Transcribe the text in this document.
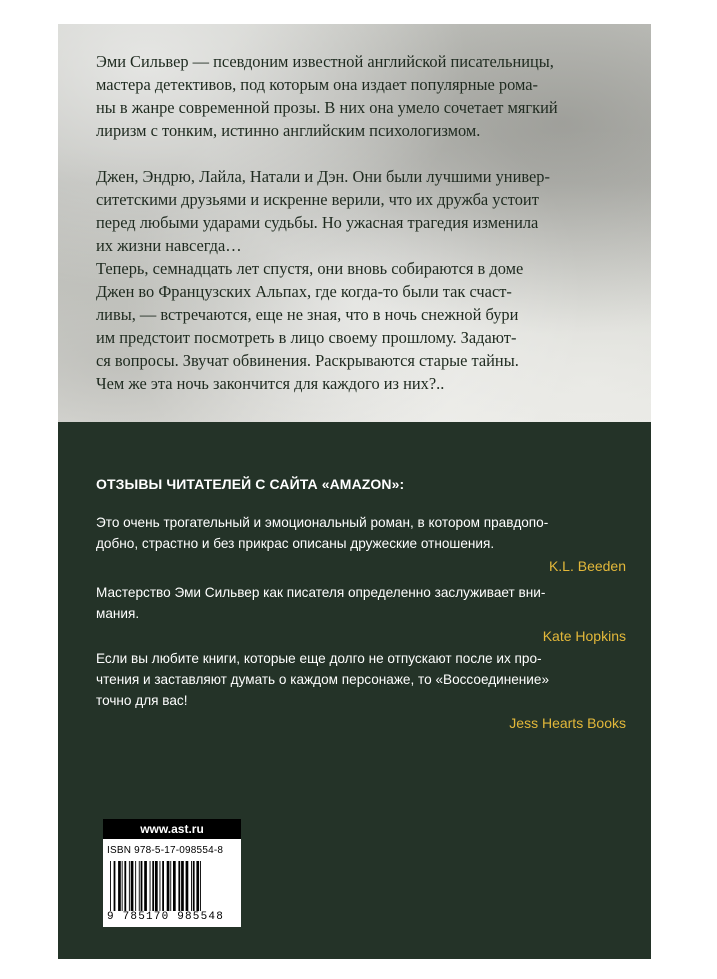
Эми Сильвер — псевдоним известной английской писательницы,
мастера детективов, под которым она издает популярные рома-
ны в жанре современной прозы. В них она умело сочетает мягкий
лиризм с тонким, истинно английским психологизмом.

Джен, Эндрю, Лайла, Натали и Дэн. Они были лучшими универ-
ситетскими друзьями и искренне верили, что их дружба устоит
перед любыми ударами судьбы. Но ужасная трагедия изменила
их жизни навсегда…

Теперь, семнадцать лет спустя, они вновь собираются в доме
Джен во Французских Альпах, где когда-то были так счаст-
ливы, — встречаются, еще не зная, что в ночь снежной бури
им предстоит посмотреть в лицо своему прошлому. Задают-
ся вопросы. Звучат обвинения. Раскрываются старые тайны.
Чем же эта ночь закончится для каждого из них?..

ОТЗЫВЫ ЧИТАТЕЛЕЙ С САЙТА «AMAZON»:
Это очень трогательный и эмоциональный роман, в котором правдопо-
добно, страстно и без прикрас описаны дружеские отношения.
K.L. Beeden
Мастерство Эми Сильвер как писателя определенно заслуживает вни-
мания.
Kate Hopkins
Если вы любите книги, которые еще долго не отпускают после их про-
чтения и заставляют думать о каждом персонаже, то «Воссоединение»
точно для вас!
Jess Hearts Books
www.ast.ru
ISBN 978-5-17-098554-8
9 785170 985548
